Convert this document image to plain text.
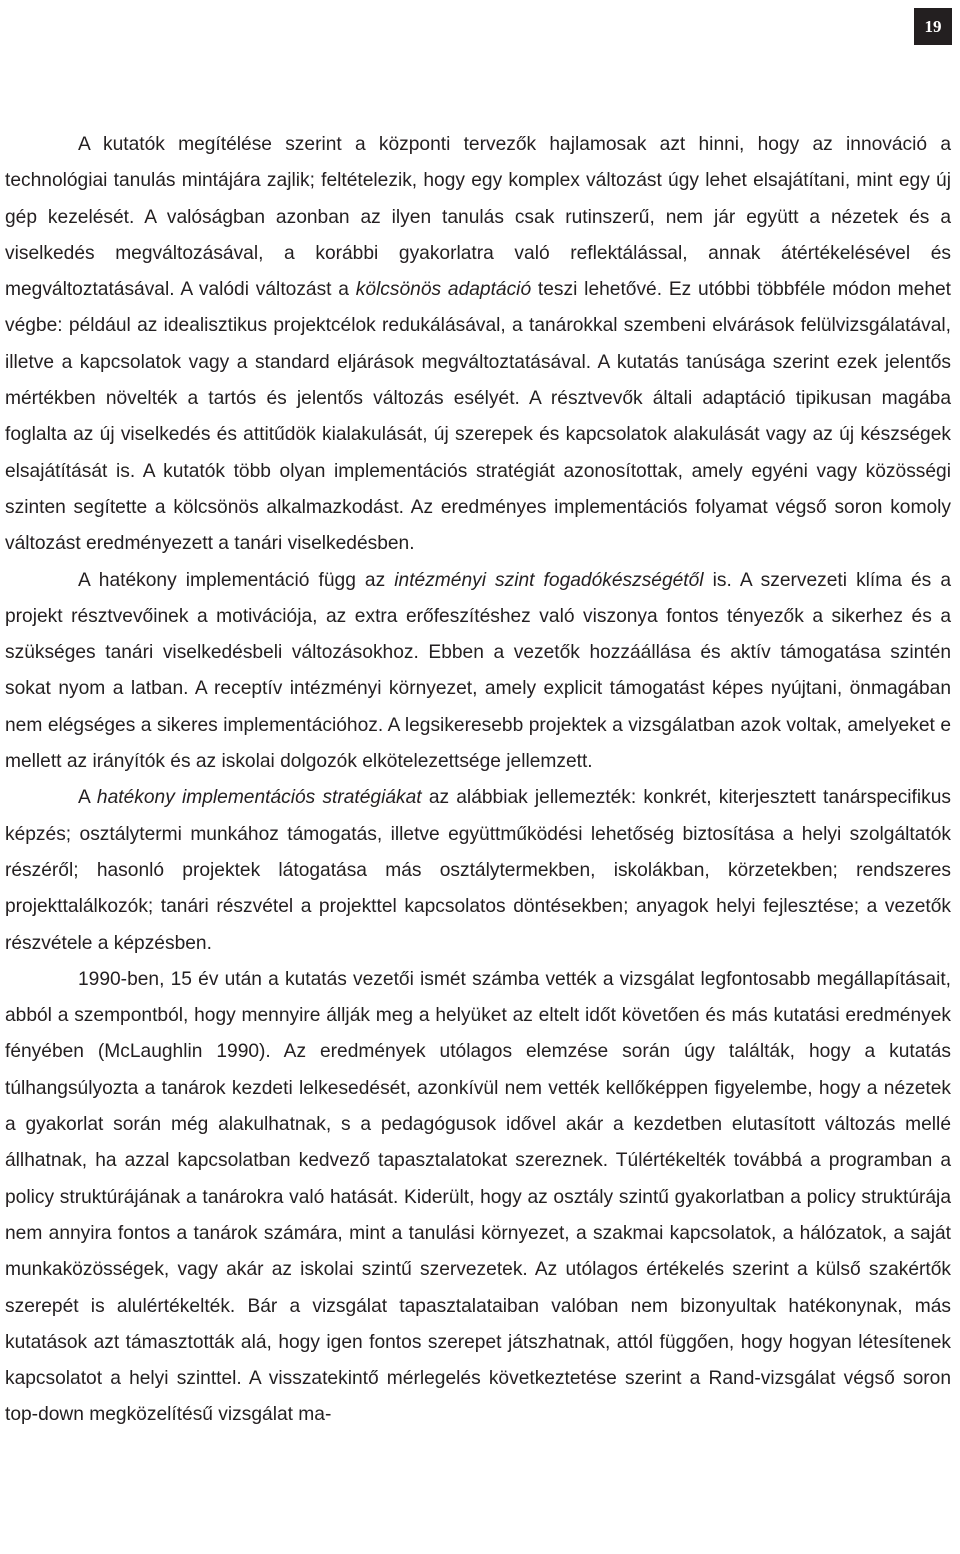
19

A kutatók megítélése szerint a központi tervezők hajlamosak azt hinni, hogy az innováció a technológiai tanulás mintájára zajlik; feltételezik, hogy egy komplex változást úgy lehet elsajátítani, mint egy új gép kezelését. A valóságban azonban az ilyen tanulás csak rutinszerű, nem jár együtt a nézetek és a viselkedés megváltozásával, a korábbi gyakorlatra való reflektálással, annak átértékelésével és megváltoztatásával. A valódi változást a kölcsönös adaptáció teszi lehetővé. Ez utóbbi többféle módon mehet végbe: például az idealisztikus projektcélok redukálásával, a tanárokkal szembeni elvárások felülvizsgálatával, illetve a kapcsolatok vagy a standard eljárások megváltoztatásával. A kutatás tanúsága szerint ezek jelentős mértékben növelték a tartós és jelentős változás esélyét. A résztvevők általi adaptáció tipikusan magába foglalta az új viselkedés és attitűdök kialakulását, új szerepek és kapcsolatok alakulását vagy az új készségek elsajátítását is. A kutatók több olyan implementációs stratégiát azonosítottak, amely egyéni vagy közösségi szinten segítette a kölcsönös alkalmazkodást. Az eredményes implementációs folyamat végső soron komoly változást eredményezett a tanári viselkedésben.

A hatékony implementáció függ az intézményi szint fogadókészségétől is. A szervezeti klíma és a projekt résztvevőinek a motivációja, az extra erőfeszítéshez való viszonya fontos tényezők a sikerhez és a szükséges tanári viselkedésbeli változásokhoz. Ebben a vezetők hozzáállása és aktív támogatása szintén sokat nyom a latban. A receptív intézményi környezet, amely explicit támogatást képes nyújtani, önmagában nem elégséges a sikeres implementációhoz. A legsikeresebb projektek a vizsgálatban azok voltak, amelyeket e mellett az irányítók és az iskolai dolgozók elkötelezettsége jellemzett.

A hatékony implementációs stratégiákat az alábbiak jellemezték: konkrét, kiterjesztett tanárspecifikus képzés; osztálytermi munkához támogatás, illetve együttműködési lehetőség biztosítása a helyi szolgáltatók részéről; hasonló projektek látogatása más osztálytermekben, iskolákban, körzetekben; rendszeres projekttalálkozók; tanári részvétel a projekttel kapcsolatos döntésekben; anyagok helyi fejlesztése; a vezetők részvétele a képzésben.

1990-ben, 15 év után a kutatás vezetői ismét számba vették a vizsgálat legfontosabb megállapításait, abból a szempontból, hogy mennyire állják meg a helyüket az eltelt időt követően és más kutatási eredmények fényében (McLaughlin 1990). Az eredmények utólagos elemzése során úgy találták, hogy a kutatás túlhangsúlyozta a tanárok kezdeti lelkesedését, azonkívül nem vették kellőképpen figyelembe, hogy a nézetek a gyakorlat során még alakulhatnak, s a pedagógusok idővel akár a kezdetben elutasított változás mellé állhatnak, ha azzal kapcsolatban kedvező tapasztalatokat szereznek. Túlértékelték továbbá a programban a policy struktúrájának a tanárokra való hatását. Kiderült, hogy az osztály szintű gyakorlatban a policy struktúrája nem annyira fontos a tanárok számára, mint a tanulási környezet, a szakmai kapcsolatok, a hálózatok, a saját munkaközösségek, vagy akár az iskolai szintű szervezetek. Az utólagos értékelés szerint a külső szakértők szerepét is alulértékelték. Bár a vizsgálat tapasztalataiban valóban nem bizonyultak hatékonynak, más kutatások azt támasztották alá, hogy igen fontos szerepet játszhatnak, attól függően, hogy hogyan létesítenek kapcsolatot a helyi szinttel. A visszatekintő mérlegelés következtetése szerint a Rand-vizsgálat végső soron top-down megközelítésű vizsgálat ma-
